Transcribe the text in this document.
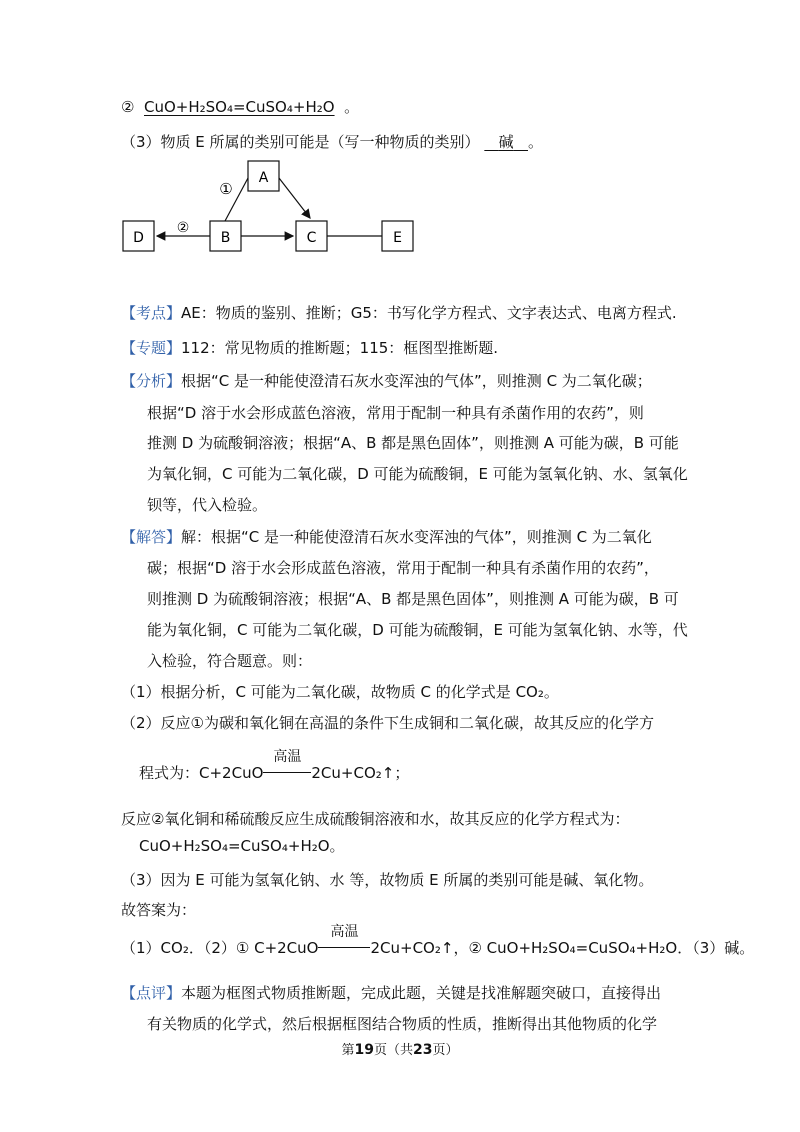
② CuO+H₂SO₄=CuSO₄+H₂O 。
（3）物质 E 所属的类别可能是（写一种物质的类别） 碱 。
A
D	B	C	E
①
②
【考点】AE：物质的鉴别、推断；G5：书写化学方程式、文字表达式、电离方程式.
【专题】112：常见物质的推断题；115：框图型推断题.
【分析】根据“C 是一种能使澄清石灰水变浑浊的气体”，则推测 C 为二氧化碳；
根据“D 溶于水会形成蓝色溶液，常用于配制一种具有杀菌作用的农药”，则
推测 D 为硫酸铜溶液；根据“A、B 都是黑色固体”，则推测 A 可能为碳，B 可能
为氧化铜，C 可能为二氧化碳，D 可能为硫酸铜，E 可能为氢氧化钠、水、氢氧化
钡等，代入检验。
【解答】解：根据“C 是一种能使澄清石灰水变浑浊的气体”，则推测 C 为二氧化
碳；根据“D 溶于水会形成蓝色溶液，常用于配制一种具有杀菌作用的农药”，
则推测 D 为硫酸铜溶液；根据“A、B 都是黑色固体”，则推测 A 可能为碳，B 可
能为氧化铜，C 可能为二氧化碳，D 可能为硫酸铜，E 可能为氢氧化钠、水等，代
入检验，符合题意。则：
（1）根据分析，C 可能为二氧化碳，故物质 C 的化学式是 CO₂。
（2）反应①为碳和氧化铜在高温的条件下生成铜和二氧化碳，故其反应的化学方
程式为：C+2CuO
高温
2Cu+CO₂↑；
反应②氧化铜和稀硫酸反应生成硫酸铜溶液和水，故其反应的化学方程式为：
CuO+H₂SO₄=CuSO₄+H₂O。
（3）因为 E 可能为氢氧化钠、水 等，故物质 E 所属的类别可能是碱、氧化物。
故答案为：
（1）CO₂．（2）① C+2CuO
高温
2Cu+CO₂↑，② CuO+H₂SO₄=CuSO₄+H₂O．（3）碱。
【点评】本题为框图式物质推断题，完成此题，关键是找准解题突破口，直接得出
有关物质的化学式，然后根据框图结合物质的性质，推断得出其他物质的化学
第19页（共23页）
